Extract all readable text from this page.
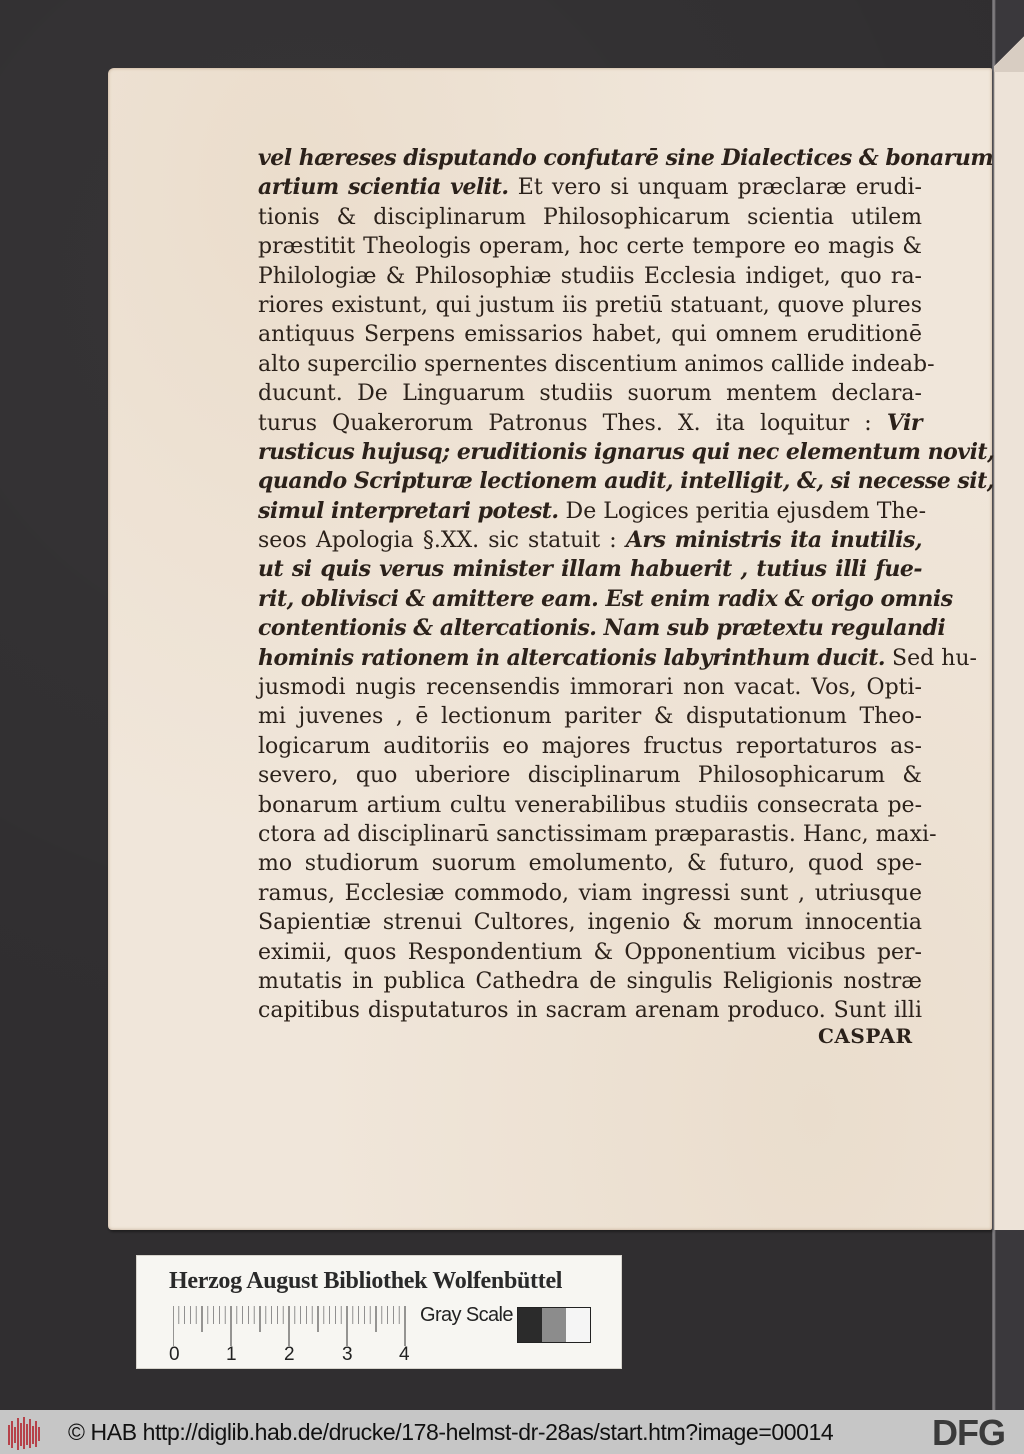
vel hæreses disputando confutarē sine Dialectices & bonarum
artium scientia velit. Et vero si unquam præclaræ erudi-
tionis & disciplinarum Philosophicarum scientia utilem
præstitit Theologis operam, hoc certe tempore eo magis &
Philologiæ & Philosophiæ studiis Ecclesia indiget, quo ra-
riores existunt, qui justum iis pretiū statuant, quove plures
antiquus Serpens emissarios habet, qui omnem eruditionē
alto supercilio spernentes discentium animos callide indeab-
ducunt. De Linguarum studiis suorum mentem declara-
turus Quakerorum Patronus Thes. X. ita loquitur : Vir
rusticus hujusq; eruditionis ignarus qui nec elementum novit,
quando Scripturæ lectionem audit, intelligit, &, si necesse sit,
simul interpretari potest. De Logices peritia ejusdem The-
seos Apologia §.XX. sic statuit : Ars ministris ita inutilis,
ut si quis verus minister illam habuerit , tutius illi fue-
rit, oblivisci & amittere eam. Est enim radix & origo omnis
contentionis & altercationis. Nam sub prætextu regulandi
hominis rationem in altercationis labyrinthum ducit. Sed hu-
jusmodi nugis recensendis immorari non vacat. Vos, Opti-
mi juvenes , ē lectionum pariter & disputationum Theo-
logicarum auditoriis eo majores fructus reportaturos as-
severo, quo uberiore disciplinarum Philosophicarum &
bonarum artium cultu venerabilibus studiis consecrata pe-
ctora ad disciplinarū sanctissimam præparastis. Hanc, maxi-
mo studiorum suorum emolumento, & futuro, quod spe-
ramus, Ecclesiæ commodo, viam ingressi sunt , utriusque
Sapientiæ strenui Cultores, ingenio & morum innocentia
eximii, quos Respondentium & Opponentium vicibus per-
mutatis in publica Cathedra de singulis Religionis nostræ
capitibus disputaturos in sacram arenam produco. Sunt illi
CASPAR
Herzog August Bibliothek Wolfenbüttel
0 1 2 3 4
Gray Scale
© HAB http://diglib.hab.de/drucke/178-helmst-dr-28as/start.htm?image=00014	DFG
